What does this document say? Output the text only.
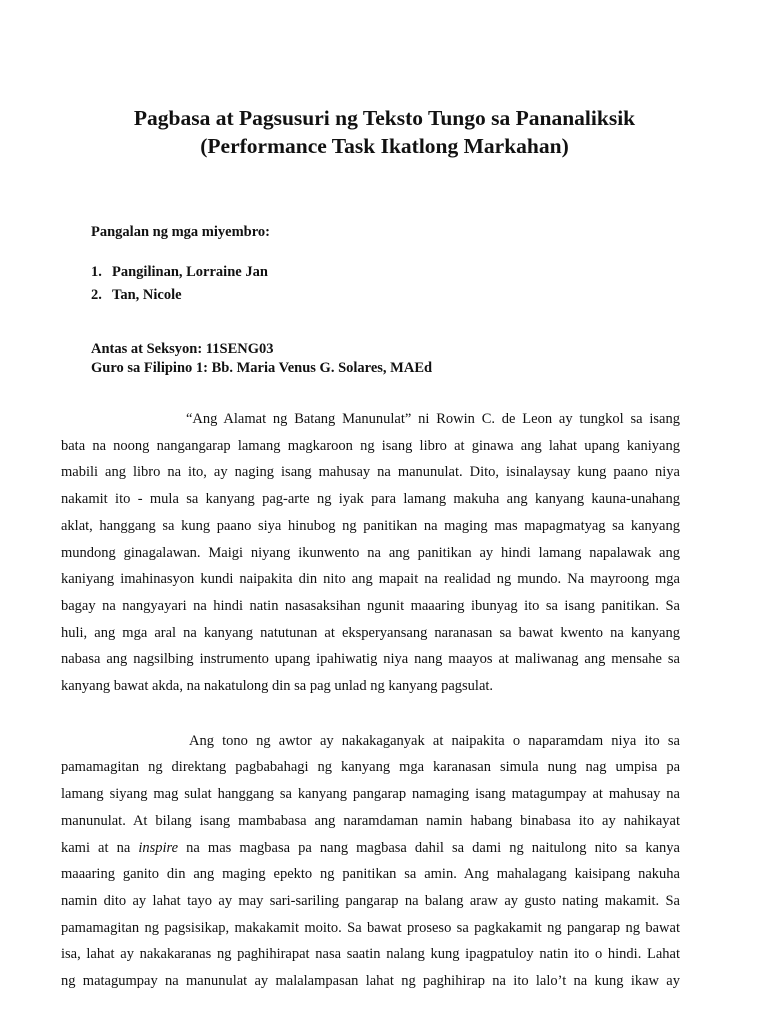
Pagbasa at Pagsusuri ng Teksto Tungo sa Pananaliksik
(Performance Task Ikatlong Markahan)
Pangalan ng mga miyembro:
1. Pangilinan, Lorraine Jan
2. Tan, Nicole
Antas at Seksyon: 11SENG03
Guro sa Filipino 1: Bb. Maria Venus G. Solares, MAEd
“Ang Alamat ng Batang Manunulat” ni Rowin C. de Leon ay tungkol sa isang
bata na noong nangangarap lamang magkaroon ng isang libro at ginawa ang lahat upang kaniyang
mabili ang libro na ito, ay naging isang mahusay na manunulat. Dito, isinalaysay kung paano niya
nakamit ito - mula sa kanyang pag-arte ng iyak para lamang makuha ang kanyang kauna-unahang
aklat, hanggang sa kung paano siya hinubog ng panitikan na maging mas mapagmatyag sa kanyang
mundong ginagalawan. Maigi niyang ikunwento na ang panitikan ay hindi lamang napalawak ang
kaniyang imahinasyon kundi naipakita din nito ang mapait na realidad ng mundo. Na mayroong mga
bagay na nangyayari na hindi natin nasasaksihan ngunit maaaring ibunyag ito sa isang panitikan. Sa
huli, ang mga aral na kanyang natutunan at eksperyansang naranasan sa bawat kwento na kanyang
nabasa ang nagsilbing instrumento upang ipahiwatig niya nang maayos at maliwanag ang mensahe sa
kanyang bawat akda, na nakatulong din sa pag unlad ng kanyang pagsulat.
Ang tono ng awtor ay nakakaganyak at naipakita o naparamdam niya ito sa
pamamagitan ng direktang pagbabahagi ng kanyang mga karanasan simula nung nag umpisa pa
lamang siyang mag sulat hanggang sa kanyang pangarap namaging isang matagumpay at mahusay na
manunulat. At bilang isang mambabasa ang naramdaman namin habang binabasa ito ay nahikayat
kami at na inspire na mas magbasa pa nang magbasa dahil sa dami ng naitulong nito sa kanya
maaaring ganito din ang maging epekto ng panitikan sa amin. Ang mahalagang kaisipang nakuha
namin dito ay lahat tayo ay may sari-sariling pangarap na balang araw ay gusto nating makamit. Sa
pamamagitan ng pagsisikap, makakamit moito. Sa bawat proseso sa pagkakamit ng pangarap ng bawat
isa, lahat ay nakakaranas ng paghihirapat nasa saatin nalang kung ipagpatuloy natin ito o hindi. Lahat
ng matagumpay na manunulat ay malalampasan lahat ng paghihirap na ito lalo’t na kung ikaw ay
